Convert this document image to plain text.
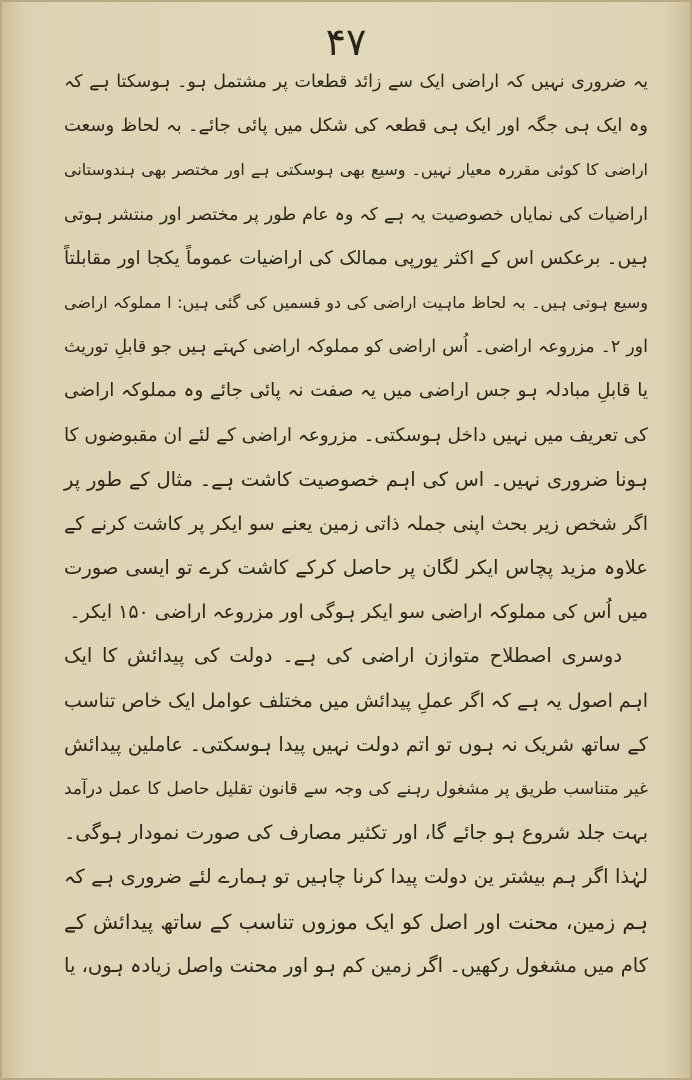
۴۷
یہ ضروری نہیں کہ اراضی ایک سے زائد قطعات پر مشتمل ہو۔ ہوسکتا ہے کہ
وہ ایک ہی جگہ اور ایک ہی قطعہ کی شکل میں پائی جائے۔ بہ لحاظ وسعت
اراضی کا کوئی مقررہ معیار نہیں۔ وسیع بھی ہوسکتی ہے اور مختصر بھی ہندوستانی
اراضیات کی نمایاں خصوصیت یہ ہے کہ وہ عام طور پر مختصر اور منتشر ہوتی
ہیں۔ برعکس اس کے اکثر یورپی ممالک کی اراضیات عموماً یکجا اور مقابلتاً
وسیع ہوتی ہیں۔ بہ لحاظ ماہیت اراضی کی دو قسمیں کی گئی ہیں: ا مملوکہ اراضی
اور ۲۔ مزروعہ اراضی۔ اُس اراضی کو مملوکہ اراضی کہتے ہیں جو قابلِ توریث
یا قابلِ مبادلہ ہو جس اراضی میں یہ صفت نہ پائی جائے وہ مملوکہ اراضی
کی تعریف میں نہیں داخل ہوسکتی۔ مزروعہ اراضی کے لئے ان مقبوضوں کا
ہونا ضروری نہیں۔ اس کی اہم خصوصیت کاشت ہے۔ مثال کے طور پر
اگر شخص زیر بحث اپنی جملہ ذاتی زمین یعنے سو ایکر پر کاشت کرنے کے
علاوہ مزید پچاس ایکر لگان پر حاصل کرکے کاشت کرے تو ایسی صورت
میں اُس کی مملوکہ اراضی سو ایکر ہوگی اور مزروعہ اراضی ۱۵۰ ایکر۔
دوسری اصطلاح متوازن اراضی کی ہے۔ دولت کی پیدائش کا ایک
اہم اصول یہ ہے کہ اگر عملِ پیدائش میں مختلف عوامل ایک خاص تناسب
کے ساتھ شریک نہ ہوں تو اتم دولت نہیں پیدا ہوسکتی۔ عاملین پیدائش
غیر متناسب طریق پر مشغول رہنے کی وجہ سے قانون تقلیل حاصل کا عمل درآمد
بہت جلد شروع ہو جائے گا، اور تکثیر مصارف کی صورت نمودار ہوگی۔
لہٰذا اگر ہم بیشتر ین دولت پیدا کرنا چاہیں تو ہمارے لئے ضروری ہے کہ
ہم زمین، محنت اور اصل کو ایک موزوں تناسب کے ساتھ پیدائش کے
کام میں مشغول رکھیں۔ اگر زمین کم ہو اور محنت واصل زیادہ ہوں، یا
